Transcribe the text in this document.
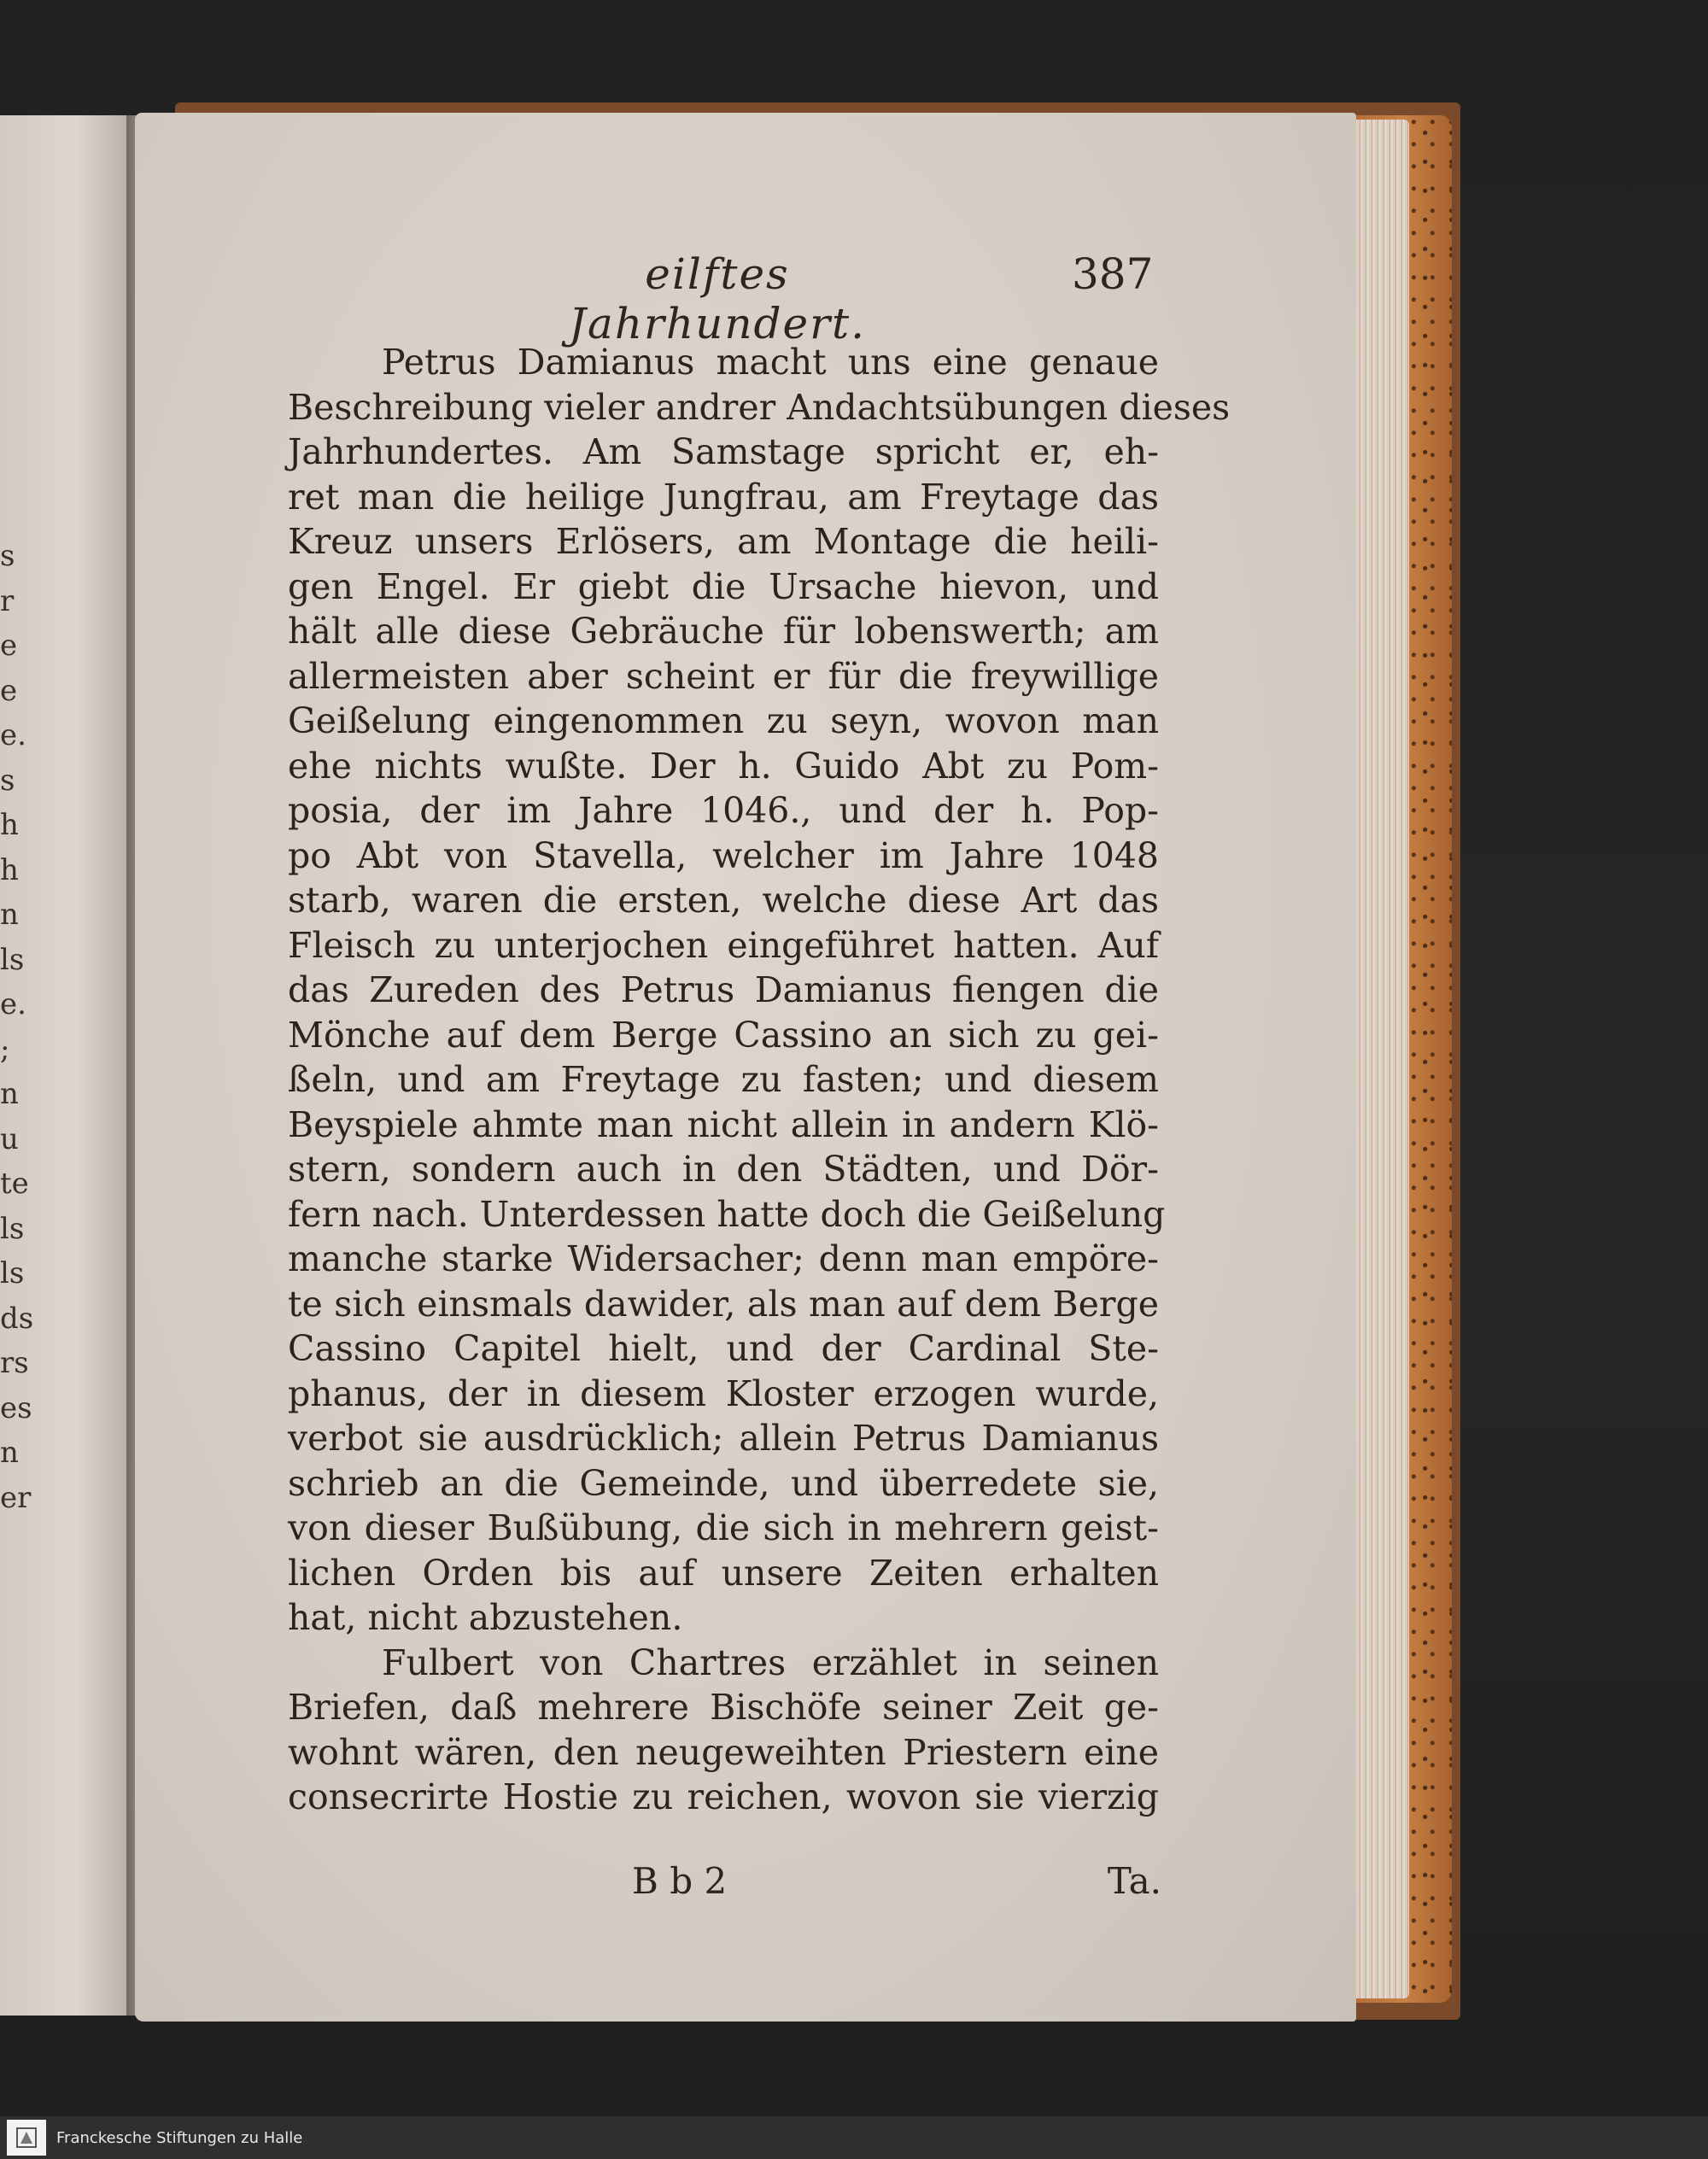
s
r
e
e
e.
s
h
h
n
ls
e.
;
n
u
te
ls
ls
ds
rs
es
n
er
eilftes Jahrhundert.
387
Petrus Damianus macht uns eine genaue
Beschreibung vieler andrer Andachtsübungen dieses
Jahrhundertes. Am Samstage spricht er, eh-
ret man die heilige Jungfrau, am Freytage das
Kreuz unsers Erlösers, am Montage die heili-
gen Engel. Er giebt die Ursache hievon, und
hält alle diese Gebräuche für lobenswerth; am
allermeisten aber scheint er für die freywillige
Geißelung eingenommen zu seyn, wovon man
ehe nichts wußte. Der h. Guido Abt zu Pom-
posia, der im Jahre 1046., und der h. Pop-
po Abt von Stavella, welcher im Jahre 1048
starb, waren die ersten, welche diese Art das
Fleisch zu unterjochen eingeführet hatten. Auf
das Zureden des Petrus Damianus fiengen die
Mönche auf dem Berge Cassino an sich zu gei-
ßeln, und am Freytage zu fasten; und diesem
Beyspiele ahmte man nicht allein in andern Klö-
stern, sondern auch in den Städten, und Dör-
fern nach. Unterdessen hatte doch die Geißelung
manche starke Widersacher; denn man empöre-
te sich einsmals dawider, als man auf dem Berge
Cassino Capitel hielt, und der Cardinal Ste-
phanus, der in diesem Kloster erzogen wurde,
verbot sie ausdrücklich; allein Petrus Damianus
schrieb an die Gemeinde, und überredete sie,
von dieser Bußübung, die sich in mehrern geist-
lichen Orden bis auf unsere Zeiten erhalten
hat, nicht abzustehen.
Fulbert von Chartres erzählet in seinen
Briefen, daß mehrere Bischöfe seiner Zeit ge-
wohnt wären, den neugeweihten Priestern eine
consecrirte Hostie zu reichen, wovon sie vierzig
B b 2	Ta.
Franckesche Stiftungen zu Halle
